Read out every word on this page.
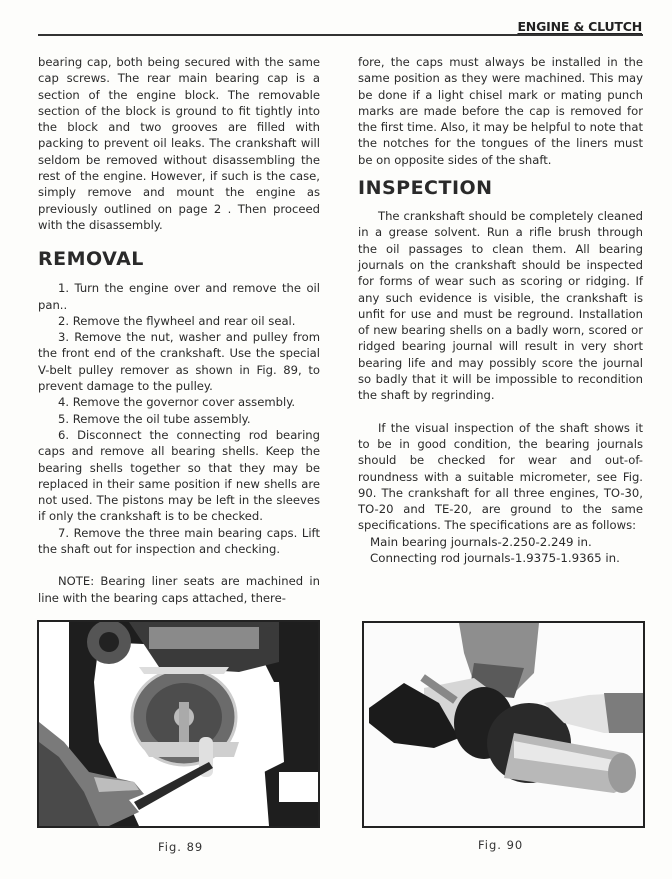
ENGINE & CLUTCH

bearing cap, both being secured with the same cap screws. The rear main bearing cap is a section of the engine block. The removable section of the block is ground to fit tightly into the block and two grooves are filled with packing to prevent oil leaks. The crankshaft will seldom be removed without disassembling the rest of the engine. However, if such is the case, simply remove and mount the engine as previously outlined on page 2 . Then proceed with the disassembly.

REMOVAL

1. Turn the engine over and remove the oil pan..

2. Remove the flywheel and rear oil seal.

3. Remove the nut, washer and pulley from the front end of the crankshaft. Use the special V-belt pulley remover as shown in Fig. 89, to prevent damage to the pulley.

4. Remove the governor cover assembly.

5. Remove the oil tube assembly.

6. Disconnect the connecting rod bearing caps and remove all bearing shells. Keep the bearing shells together so that they may be replaced in their same position if new shells are not used. The pistons may be left in the sleeves if only the crankshaft is to be checked.

7. Remove the three main bearing caps. Lift the shaft out for inspection and checking.

NOTE: Bearing liner seats are machined in line with the bearing caps attached, there-

fore, the caps must always be installed in the same position as they were machined. This may be done if a light chisel mark or mating punch marks are made before the cap is removed for the first time. Also, it may be helpful to note that the notches for the tongues of the liners must be on opposite sides of the shaft.

INSPECTION

The crankshaft should be completely cleaned in a grease solvent. Run a rifle brush through the oil passages to clean them. All bearing journals on the crankshaft should be inspected for forms of wear such as scoring or ridging. If any such evidence is visible, the crankshaft is unfit for use and must be reground. Installation of new bearing shells on a badly worn, scored or ridged bearing journal will result in very short bearing life and may possibly score the journal so badly that it will be impossible to recondition the shaft by regrinding.

If the visual inspection of the shaft shows it to be in good condition, the bearing journals should be checked for wear and out-of-roundness with a suitable micrometer, see Fig. 90. The crankshaft for all three engines, TO-30, TO-20 and TE-20, are ground to the same specifications. The specifications are as follows:

Main bearing journals-2.250-2.249 in.

Connecting rod journals-1.9375-1.9365 in.

Fig. 89	Fig. 90
